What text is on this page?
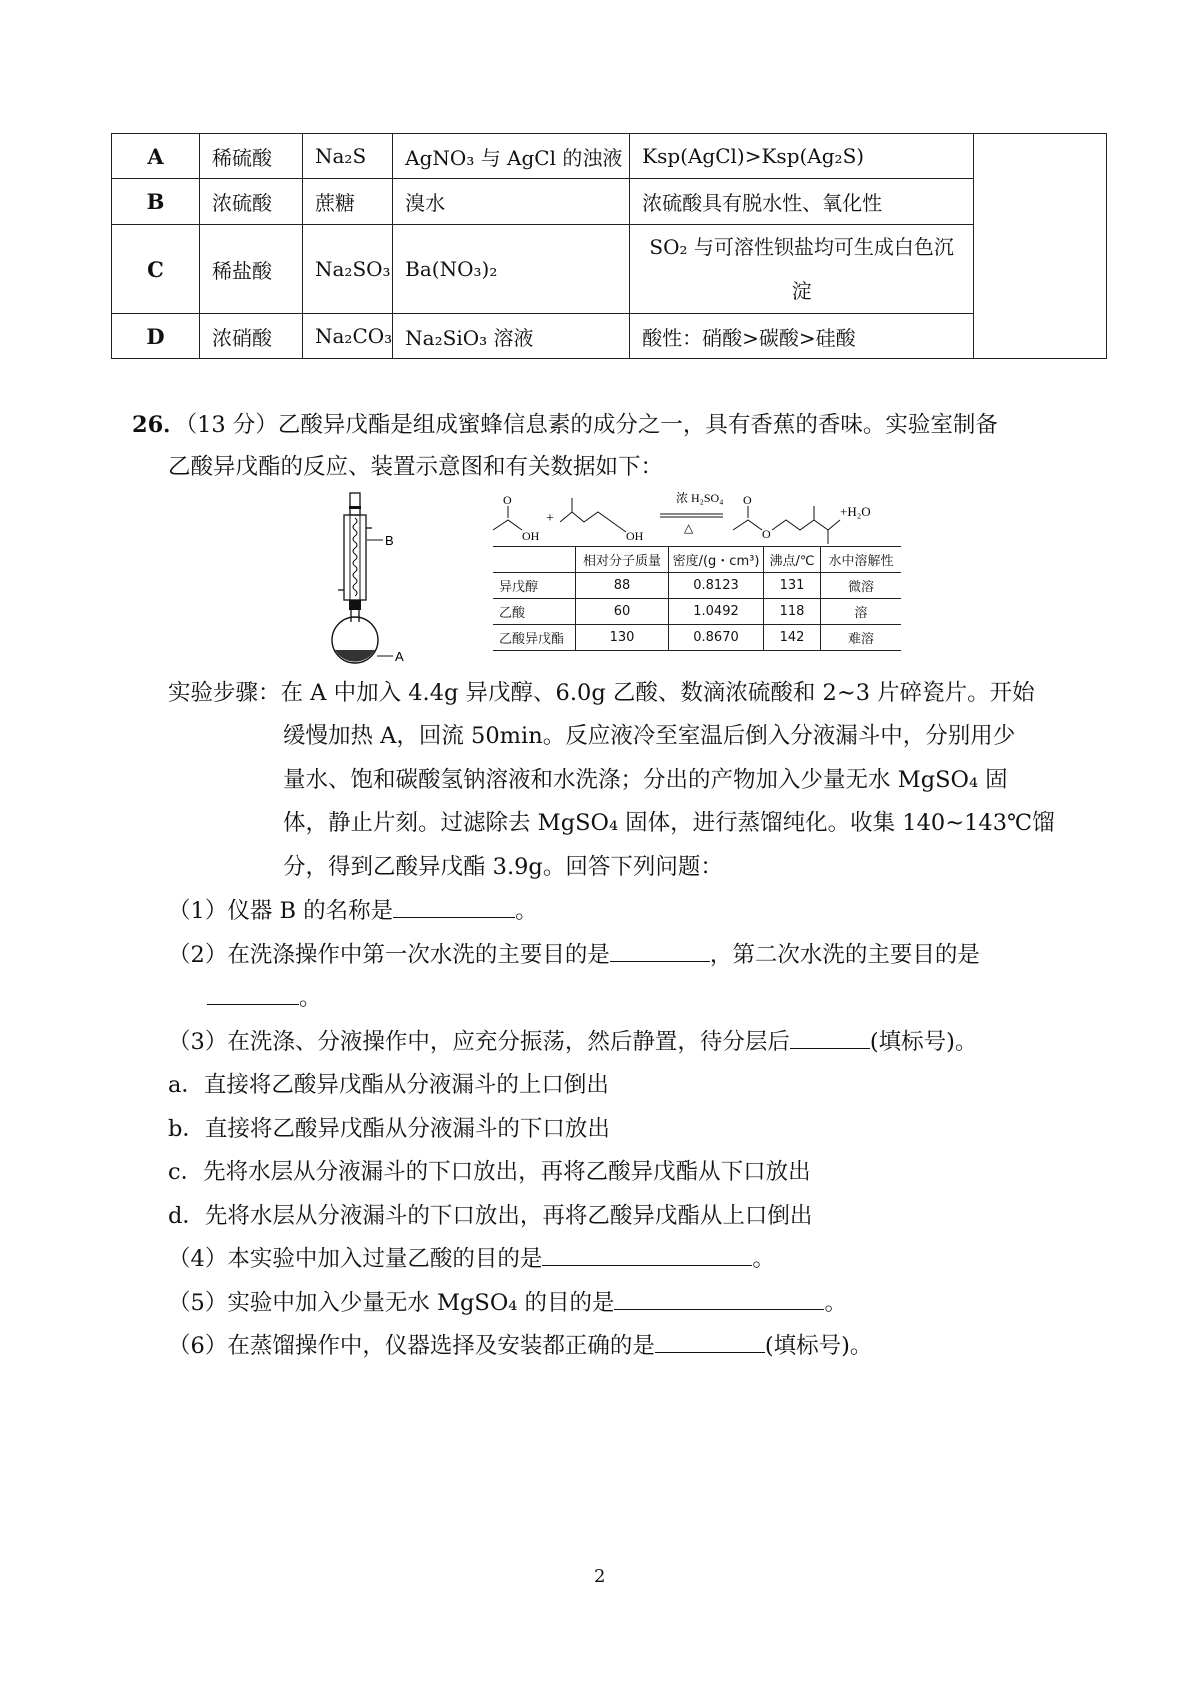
A	稀硫酸	Na₂S	AgNO₃ 与 AgCl 的浊液	Ksp(AgCl)>Ksp(Ag₂S)	
B	浓硫酸	蔗糖	溴水	浓硫酸具有脱水性、氧化性	
C	稀盐酸	Na₂SO₃	Ba(NO₃)₂	SO₂ 与可溶性钡盐均可生成白色沉淀	
D	浓硝酸	Na₂CO₃	Na₂SiO₃ 溶液	酸性：硝酸>碳酸>硅酸	
26．（13 分）乙酸异戊酯是组成蜜蜂信息素的成分之一，具有香蕉的香味。实验室制备
乙酸异戊酯的反应、装置示意图和有关数据如下：
B
A
O
OH
+
OH
浓 H₂SO₄
△
O
O
+H₂O
	相对分子质量	密度/(g・cm³)	沸点/℃	水中溶解性
异戊醇	88	0.8123	131	微溶
乙酸	60	1.0492	118	溶
乙酸异戊酯	130	0.8670	142	难溶
实验步骤：在 A 中加入 4.4g 异戊醇、6.0g 乙酸、数滴浓硫酸和 2~3 片碎瓷片。开始
缓慢加热 A，回流 50min。反应液冷至室温后倒入分液漏斗中，分别用少
量水、饱和碳酸氢钠溶液和水洗涤；分出的产物加入少量无水 MgSO₄ 固
体，静止片刻。过滤除去 MgSO₄ 固体，进行蒸馏纯化。收集 140~143℃馏
分，得到乙酸异戊酯 3.9g。回答下列问题：
（1）仪器 B 的名称是	。
（2）在洗涤操作中第一次水洗的主要目的是	，第二次水洗的主要目的是
。
（3）在洗涤、分液操作中，应充分振荡，然后静置，待分层后	(填标号)。
a．直接将乙酸异戊酯从分液漏斗的上口倒出
b．直接将乙酸异戊酯从分液漏斗的下口放出
c．先将水层从分液漏斗的下口放出，再将乙酸异戊酯从下口放出
d．先将水层从分液漏斗的下口放出，再将乙酸异戊酯从上口倒出
（4）本实验中加入过量乙酸的目的是	。
（5）实验中加入少量无水 MgSO₄ 的目的是	。
（6）在蒸馏操作中，仪器选择及安装都正确的是	(填标号)。
2
